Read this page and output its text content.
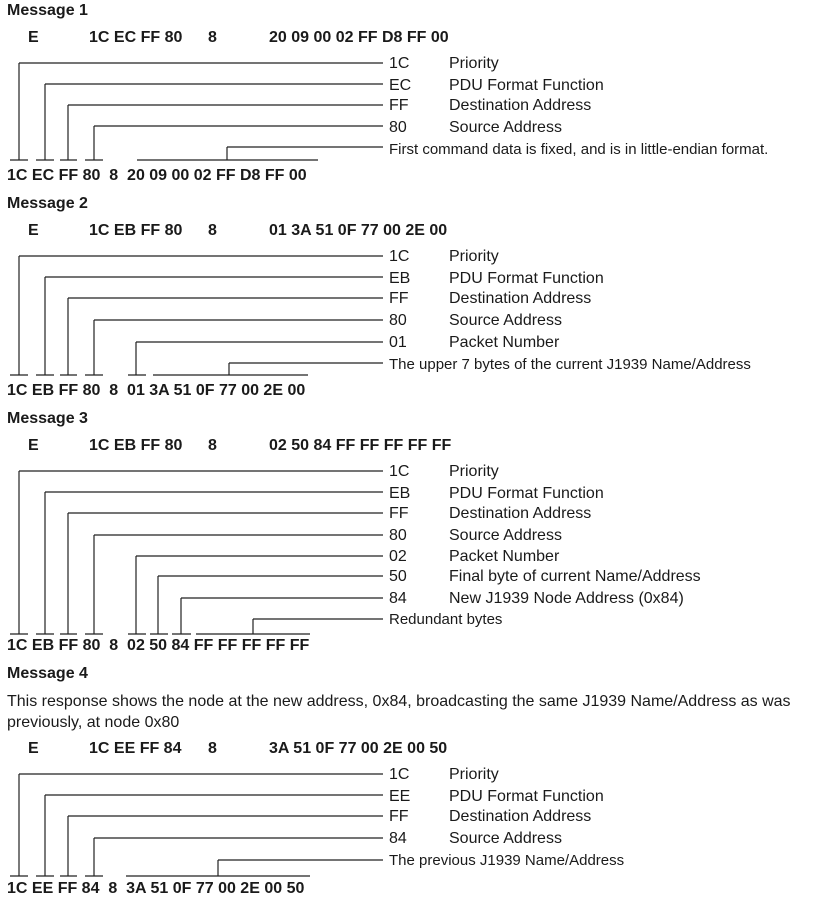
Message 1
E	1C EC FF 80 8	20 09 00 02 FF D8 FF 00
1C Priority
EC PDU Format Function
FF	Destination Address
80	Source Address
First command data is fixed, and is in little-endian format.
1C EC FF 80  8  20 09 00 02 FF D8 FF 00
Message 2
E	1C EB FF 80 8	01 3A 51 0F 77 00 2E 00
1C Priority
EB PDU Format Function
FF	Destination Address
80	Source Address
01	Packet Number
The upper 7 bytes of the current J1939 Name/Address
1C EB FF 80  8  01 3A 51 0F 77 00 2E 00
Message 3
E	1C EB FF 80 8	02 50 84 FF FF FF FF FF
1C Priority
EB PDU Format Function
FF	Destination Address
80	Source Address
02	Packet Number
50	Final byte of current Name/Address
84	New J1939 Node Address (0x84)
Redundant bytes
1C EB FF 80  8  02 50 84 FF FF FF FF FF
Message 4
This response shows the node at the new address, 0x84, broadcasting the same J1939 Name/Address as was previously, at node 0x80
E	1C EE FF 84 8	3A 51 0F 77 00 2E 00 50
1C Priority
EE PDU Format Function
FF	Destination Address
84	Source Address
The previous J1939 Name/Address
1C EE FF 84  8  3A 51 0F 77 00 2E 00 50
